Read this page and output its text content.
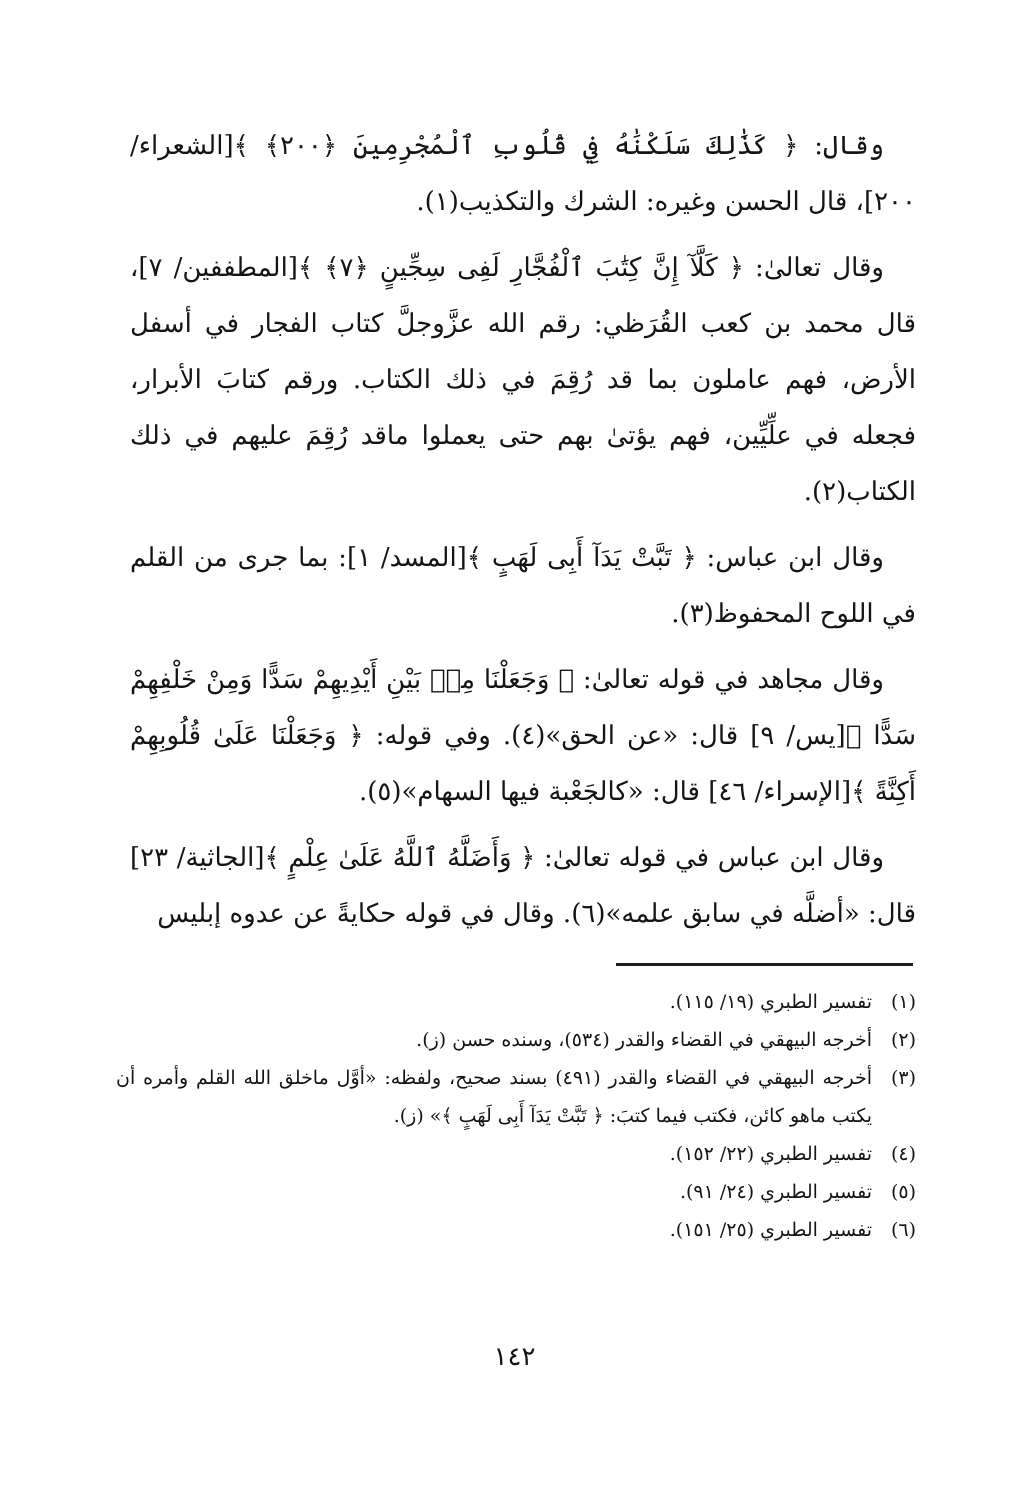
وقال: ﴿ كَذَٰلِكَ سَلَكْنَٰهُ فِي قُلُوبِ ٱلْمُجْرِمِينَ ﴿٢٠٠﴾ ﴾[الشعراء/ ٢٠٠]، قال الحسن وغيره: الشرك والتكذيب(١).

وقال تعالىٰ: ﴿ كَلَّآ إِنَّ كِتَٰبَ ٱلْفُجَّارِ لَفِى سِجِّينٍ ﴿٧﴾ ﴾[المطففين/ ٧]، قال محمد بن كعب القُرَظي: رقم الله عزَّوجلَّ كتاب الفجار في أسفل الأرض، فهم عاملون بما قد رُقِمَ في ذلك الكتاب. ورقم كتابَ الأبرار، فجعله في علِّيِّين، فهم يؤتىٰ بهم حتى يعملوا ماقد رُقِمَ عليهم في ذلك الكتاب(٢).

وقال ابن عباس: ﴿ تَبَّتْ يَدَآ أَبِى لَهَبٍ ﴾[المسد/ ١]: بما جرى من القلم في اللوح المحفوظ(٣).

وقال مجاهد في قوله تعالىٰ: ﴿ وَجَعَلْنَا مِنۢ بَيْنِ أَيْدِيهِمْ سَدًّا وَمِنْ خَلْفِهِمْ سَدًّا ﴾[يس/ ٩] قال: «عن الحق»(٤). وفي قوله: ﴿ وَجَعَلْنَا عَلَىٰ قُلُوبِهِمْ أَكِنَّةً ﴾[الإسراء/ ٤٦] قال: «كالجَعْبة فيها السهام»(٥).

وقال ابن عباس في قوله تعالىٰ: ﴿ وَأَضَلَّهُ ٱللَّهُ عَلَىٰ عِلْمٍ ﴾[الجاثية/ ٢٣] قال: «أضلَّه في سابق علمه»(٦). وقال في قوله حكايةً عن عدوه إبليس

(١)
تفسير الطبري (١٩/ ١١٥).
(٢)
أخرجه البيهقي في القضاء والقدر (٥٣٤)، وسنده حسن (ز).
(٣)
أخرجه البيهقي في القضاء والقدر (٤٩١) بسند صحيح، ولفظه: «أوَّل ماخلق الله القلم وأمره أن يكتب ماهو كائن، فكتب فيما كتبَ: ﴿ تَبَّتْ يَدَآ أَبِى لَهَبٍ ﴾» (ز).
(٤)
تفسير الطبري (٢٢/ ١٥٢).
(٥)
تفسير الطبري (٢٤/ ٩١).
(٦)
تفسير الطبري (٢٥/ ١٥١).
١٤٢
